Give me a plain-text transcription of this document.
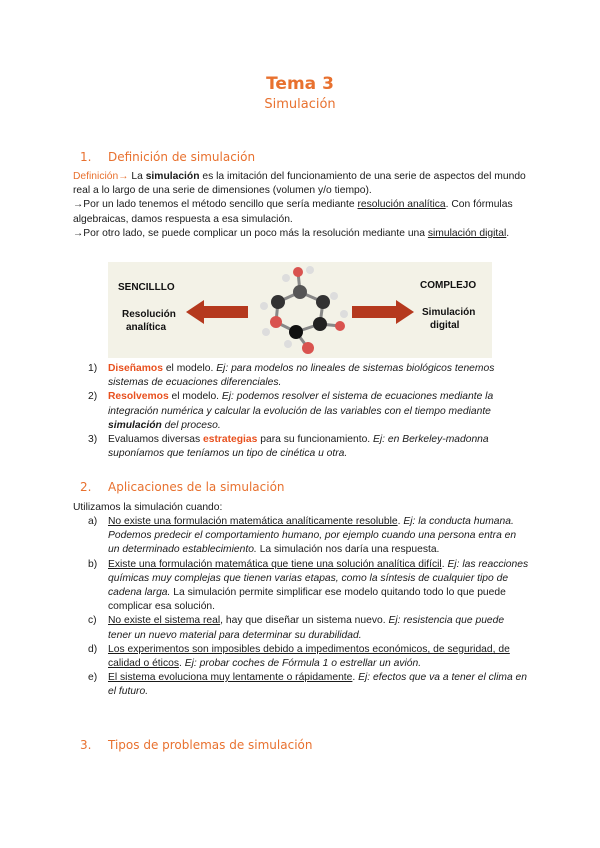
Tema 3
Simulación
1. Definición de simulación
Definición→ La simulación es la imitación del funcionamiento de una serie de aspectos del mundo real a lo largo de una serie de dimensiones (volumen y/o tiempo).
→Por un lado tenemos el método sencillo que sería mediante resolución analítica. Con fórmulas algebraicas, damos respuesta a esa simulación.
→Por otro lado, se puede complicar un poco más la resolución mediante una simulación digital.
SENCILLLO
Resolución
analítica
COMPLEJO
Simulación
digital
1) Diseñamos el modelo. Ej: para modelos no lineales de sistemas biológicos tenemos sistemas de ecuaciones diferenciales.
2) Resolvemos el modelo. Ej: podemos resolver el sistema de ecuaciones mediante la integración numérica y calcular la evolución de las variables con el tiempo mediante simulación del proceso.
3) Evaluamos diversas estrategias para su funcionamiento. Ej: en Berkeley-madonna suponíamos que teníamos un tipo de cinética u otra.
2. Aplicaciones de la simulación
Utilizamos la simulación cuando:
a) No existe una formulación matemática analíticamente resoluble. Ej: la conducta humana. Podemos predecir el comportamiento humano, por ejemplo cuando una persona entra en un determinado establecimiento. La simulación nos daría una respuesta.
b) Existe una formulación matemática que tiene una solución analítica difícil. Ej: las reacciones químicas muy complejas que tienen varias etapas, como la síntesis de cualquier tipo de cadena larga. La simulación permite simplificar ese modelo quitando todo lo que puede complicar esa solución.
c) No existe el sistema real, hay que diseñar un sistema nuevo. Ej: resistencia que puede tener un nuevo material para determinar su durabilidad.
d) Los experimentos son imposibles debido a impedimentos económicos, de seguridad, de calidad o éticos. Ej: probar coches de Fórmula 1 o estrellar un avión.
e) El sistema evoluciona muy lentamente o rápidamente. Ej: efectos que va a tener el clima en el futuro.
3. Tipos de problemas de simulación
